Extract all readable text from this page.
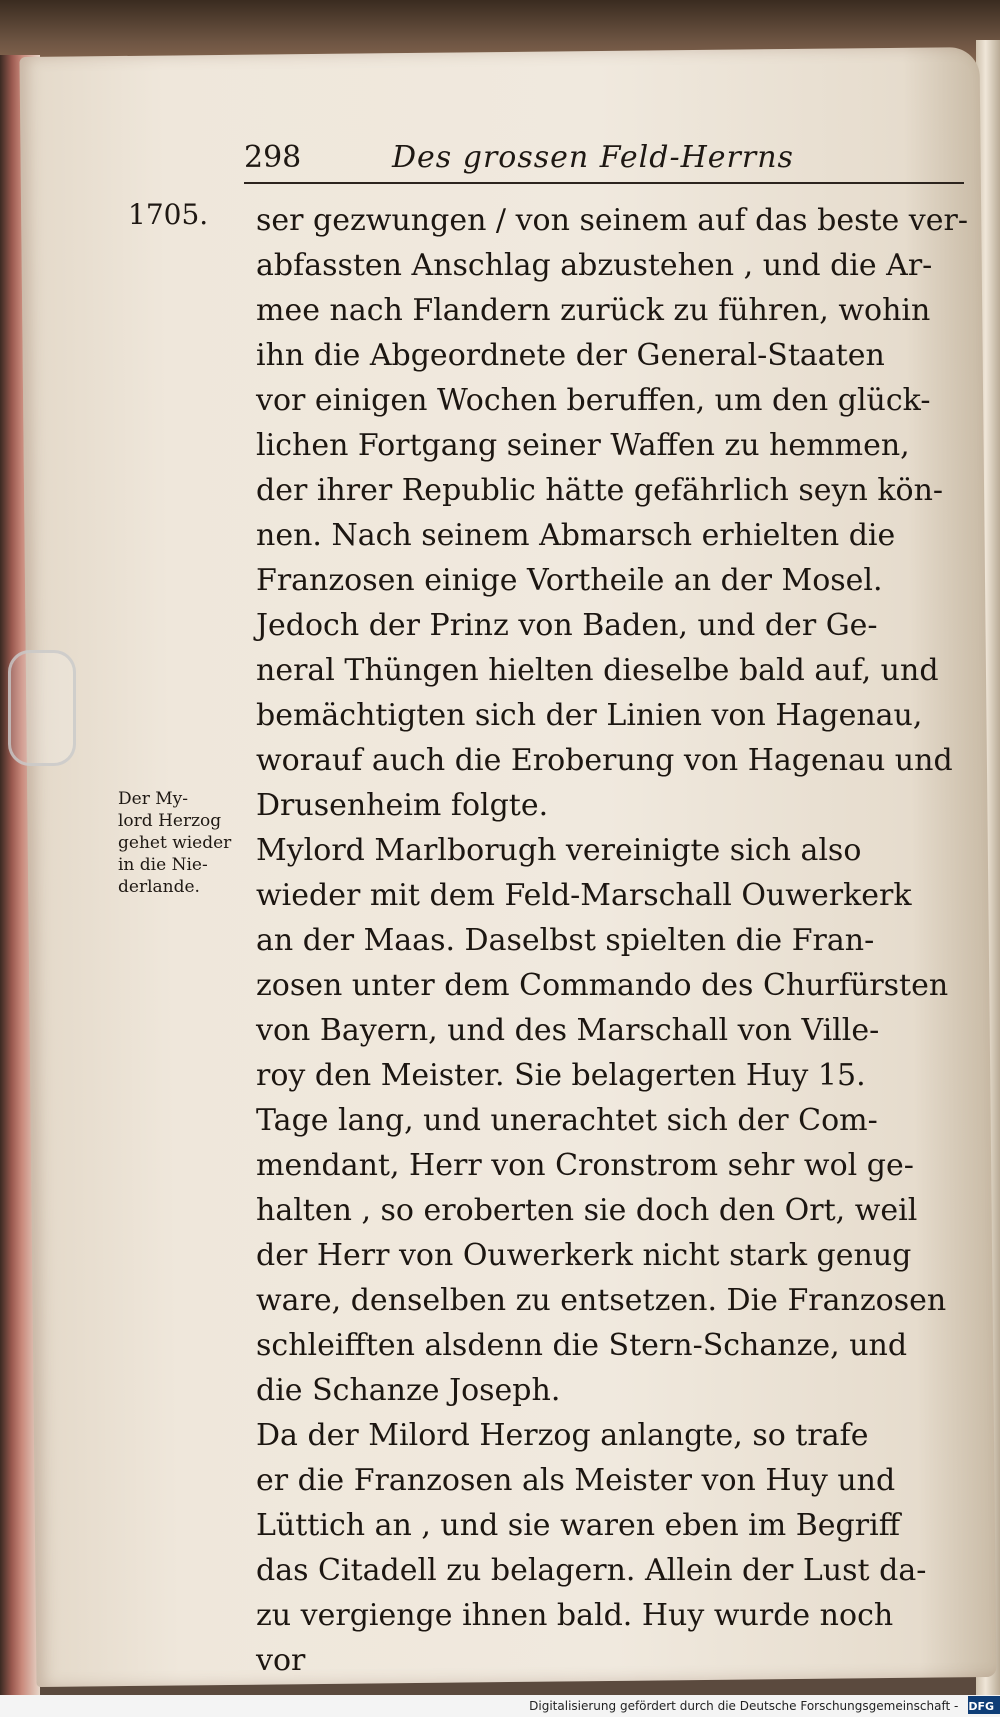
298	Des grossen Feld-Herrns
1705.
Der My-
lord Herzog
gehet wieder
in die Nie-
derlande.
ser gezwungen / von seinem auf das beste ver-
abfassten Anschlag abzustehen , und die Ar-
mee nach Flandern zurück zu führen, wohin
ihn die Abgeordnete der General-Staaten
vor einigen Wochen beruffen, um den glück-
lichen Fortgang seiner Waffen zu hemmen,
der ihrer Republic hätte gefährlich seyn kön-
nen. Nach seinem Abmarsch erhielten die
Franzosen einige Vortheile an der Mosel.
Jedoch der Prinz von Baden, und der Ge-
neral Thüngen hielten dieselbe bald auf, und
bemächtigten sich der Linien von Hagenau,
worauf auch die Eroberung von Hagenau und
Drusenheim folgte.
Mylord Marlborugh vereinigte sich also
wieder mit dem Feld-Marschall Ouwerkerk
an der Maas. Daselbst spielten die Fran-
zosen unter dem Commando des Churfürsten
von Bayern, und des Marschall von Ville-
roy den Meister. Sie belagerten Huy 15.
Tage lang, und unerachtet sich der Com-
mendant, Herr von Cronstrom sehr wol ge-
halten , so eroberten sie doch den Ort, weil
der Herr von Ouwerkerk nicht stark genug
ware, denselben zu entsetzen. Die Franzosen
schleifften alsdenn die Stern-Schanze, und
die Schanze Joseph.
Da der Milord Herzog anlangte, so trafe
er die Franzosen als Meister von Huy und
Lüttich an , und sie waren eben im Begriff
das Citadell zu belagern. Allein der Lust da-
zu vergienge ihnen bald. Huy wurde noch
vor
Digitalisierung gefördert durch die Deutsche Forschungsgemeinschaft - DFG
